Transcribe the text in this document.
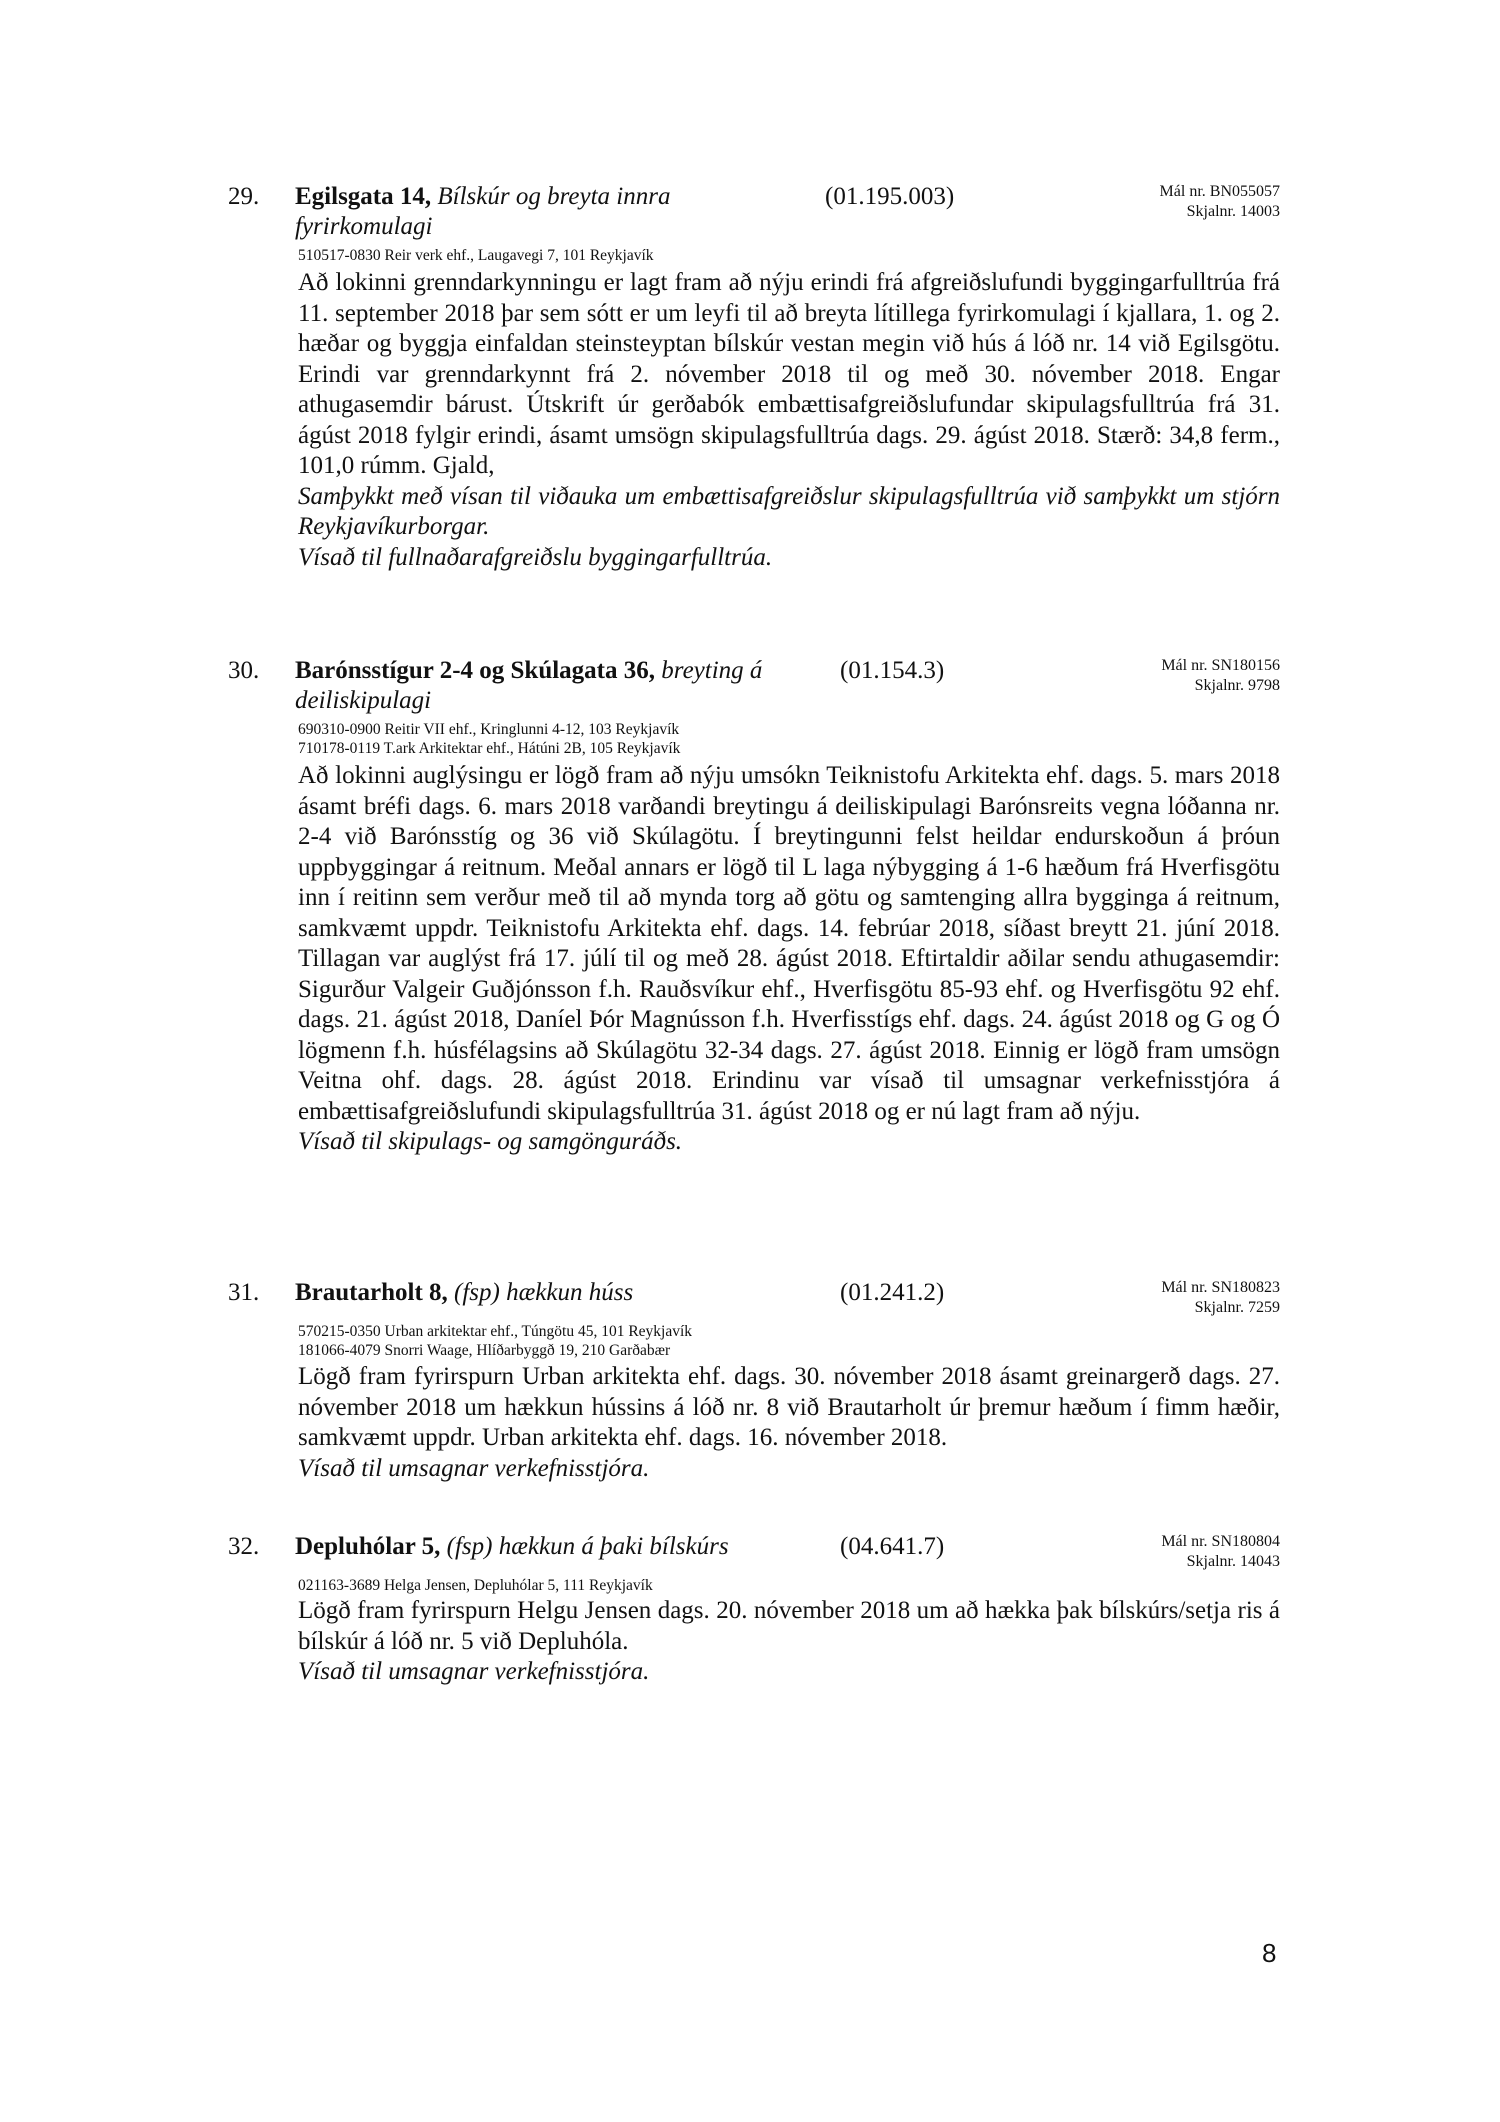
29. Egilsgata 14, Bílskúr og breyta innra fyrirkomulagi
(01.195.003)	Mál nr. BN055057
Skjalnr. 14003
510517-0830 Reir verk ehf., Laugavegi 7, 101 Reykjavík

Að lokinni grenndarkynningu er lagt fram að nýju erindi frá afgreiðslufundi byggingarfulltrúa frá 11. september 2018 þar sem sótt er um leyfi til að breyta lítillega fyrirkomulagi í kjallara, 1. og 2. hæðar og byggja einfaldan steinsteyptan bílskúr vestan megin við hús á lóð nr. 14 við Egilsgötu. Erindi var grenndarkynnt frá 2. nóvember 2018 til og með 30. nóvember 2018. Engar athugasemdir bárust. Útskrift úr gerðabók embættisafgreiðslufundar skipulagsfulltrúa frá 31. ágúst 2018 fylgir erindi, ásamt umsögn skipulagsfulltrúa dags. 29. ágúst 2018. Stærð: 34,8 ferm., 101,0 rúmm. Gjald,

Samþykkt með vísan til viðauka um embættisafgreiðslur skipulagsfulltrúa við samþykkt um stjórn Reykjavíkurborgar.

Vísað til fullnaðarafgreiðslu byggingarfulltrúa.

30. Barónsstígur 2-4 og Skúlagata 36, breyting á deiliskipulagi
(01.154.3)	Mál nr. SN180156
Skjalnr. 9798
690310-0900 Reitir VII ehf., Kringlunni 4-12, 103 Reykjavík
710178-0119 T.ark Arkitektar ehf., Hátúni 2B, 105 Reykjavík

Að lokinni auglýsingu er lögð fram að nýju umsókn Teiknistofu Arkitekta ehf. dags. 5. mars 2018 ásamt bréfi dags. 6. mars 2018 varðandi breytingu á deiliskipulagi Barónsreits vegna lóðanna nr. 2-4 við Barónsstíg og 36 við Skúlagötu. Í breytingunni felst heildar endurskoðun á þróun uppbyggingar á reitnum. Meðal annars er lögð til L laga nýbygging á 1-6 hæðum frá Hverfisgötu inn í reitinn sem verður með til að mynda torg að götu og samtenging allra bygginga á reitnum, samkvæmt uppdr. Teiknistofu Arkitekta ehf. dags. 14. febrúar 2018, síðast breytt 21. júní 2018. Tillagan var auglýst frá 17. júlí til og með 28. ágúst 2018. Eftirtaldir aðilar sendu athugasemdir: Sigurður Valgeir Guðjónsson f.h. Rauðsvíkur ehf., Hverfisgötu 85-93 ehf. og Hverfisgötu 92 ehf. dags. 21. ágúst 2018, Daníel Þór Magnússon f.h. Hverfisstígs ehf. dags. 24. ágúst 2018 og G og Ó lögmenn f.h. húsfélagsins að Skúlagötu 32-34 dags. 27. ágúst 2018. Einnig er lögð fram umsögn Veitna ohf. dags. 28. ágúst 2018. Erindinu var vísað til umsagnar verkefnisstjóra á embættisafgreiðslufundi skipulagsfulltrúa 31. ágúst 2018 og er nú lagt fram að nýju.

Vísað til skipulags- og samgönguráðs.

31. Brautarholt 8, (fsp) hækkun húss	(01.241.2)	Mál nr. SN180823
Skjalnr. 7259
570215-0350 Urban arkitektar ehf., Túngötu 45, 101 Reykjavík
181066-4079 Snorri Waage, Hlíðarbyggð 19, 210 Garðabær

Lögð fram fyrirspurn Urban arkitekta ehf. dags. 30. nóvember 2018 ásamt greinargerð dags. 27. nóvember 2018 um hækkun hússins á lóð nr. 8 við Brautarholt úr þremur hæðum í fimm hæðir, samkvæmt uppdr. Urban arkitekta ehf. dags. 16. nóvember 2018.

Vísað til umsagnar verkefnisstjóra.

32. Depluhólar 5, (fsp) hækkun á þaki bílskúrs	(04.641.7)	Mál nr. SN180804
Skjalnr. 14043
021163-3689 Helga Jensen, Depluhólar 5, 111 Reykjavík

Lögð fram fyrirspurn Helgu Jensen dags. 20. nóvember 2018 um að hækka þak bílskúrs/setja ris á bílskúr á lóð nr. 5 við Depluhóla.

Vísað til umsagnar verkefnisstjóra.

8
